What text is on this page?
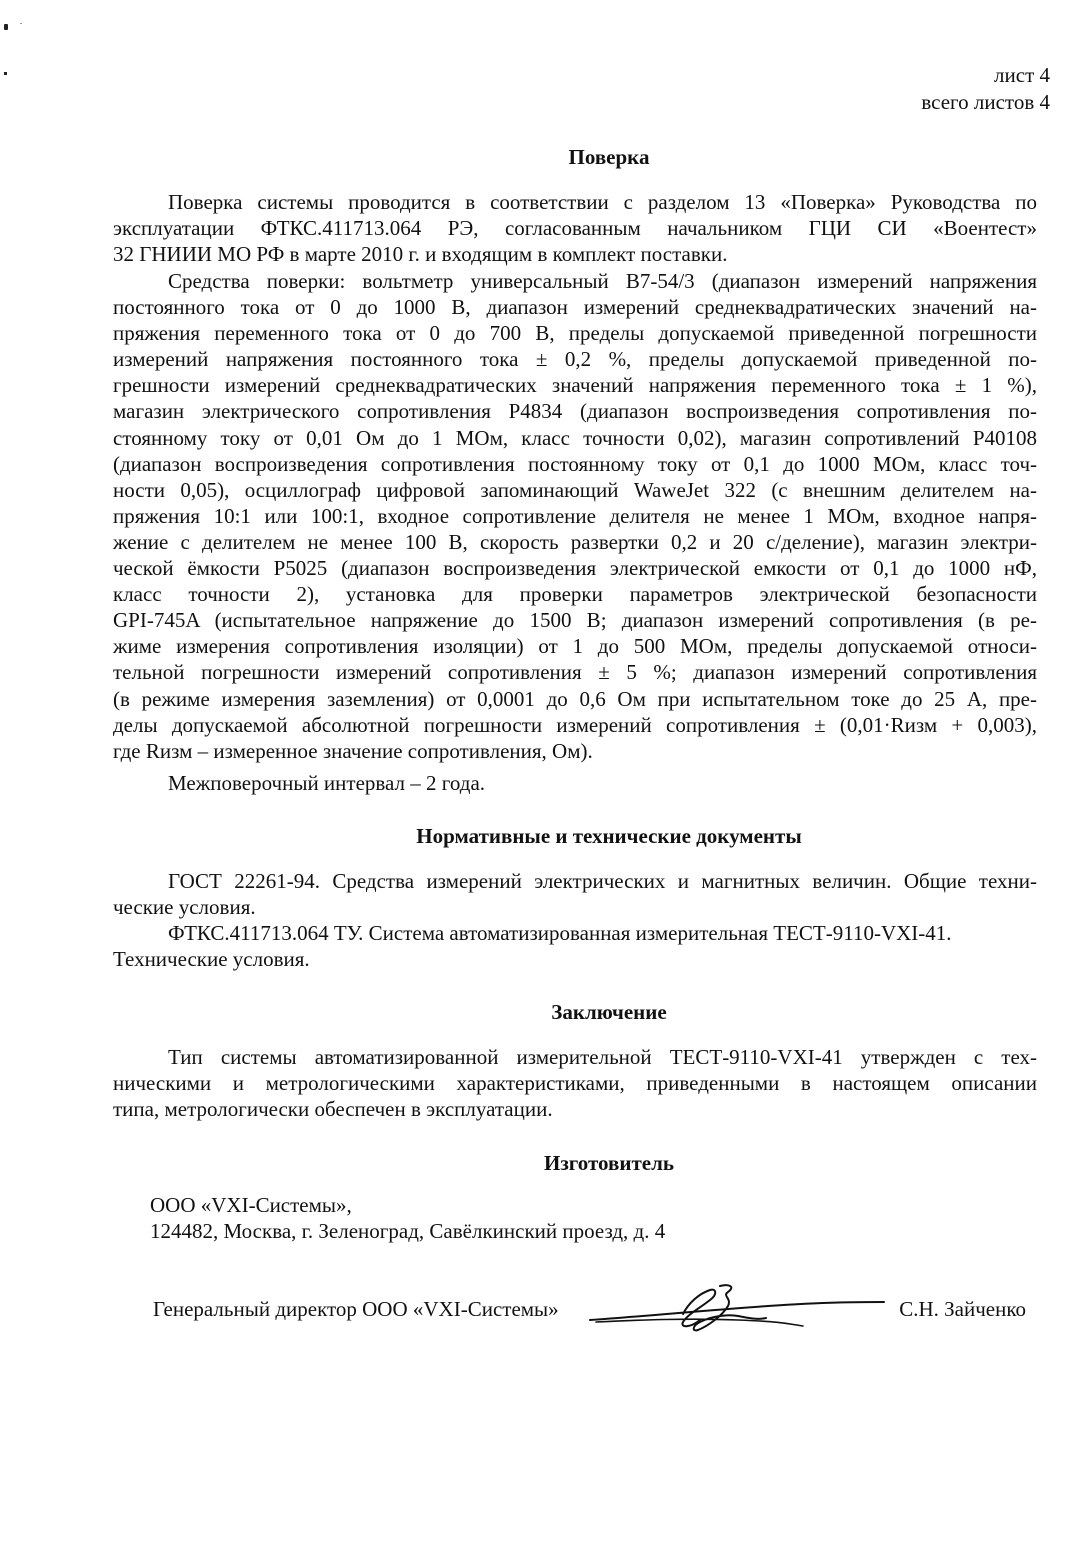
лист 4
всего листов 4
Поверка
Поверка системы проводится в соответствии с разделом 13 «Поверка» Руководства по
эксплуатации ФТКС.411713.064 РЭ, согласованным начальником ГЦИ СИ «Воентест»
32 ГНИИИ МО РФ в марте 2010 г. и входящим в комплект поставки.
Средства поверки: вольтметр универсальный В7-54/3 (диапазон измерений напряжения
постоянного тока от 0 до 1000 В, диапазон измерений среднеквадратических значений на-
пряжения переменного тока от 0 до 700 В, пределы допускаемой приведенной погрешности
измерений напряжения постоянного тока ± 0,2 %, пределы допускаемой приведенной по-
грешности измерений среднеквадратических значений напряжения переменного тока ± 1 %),
магазин электрического сопротивления Р4834 (диапазон воспроизведения сопротивления по-
стоянному току от 0,01 Ом до 1 МОм, класс точности 0,02), магазин сопротивлений Р40108
(диапазон воспроизведения сопротивления постоянному току от 0,1 до 1000 МОм, класс точ-
ности 0,05), осциллограф цифровой запоминающий WaweJet 322 (с внешним делителем на-
пряжения 10:1 или 100:1, входное сопротивление делителя не менее 1 МОм, входное напря-
жение с делителем не менее 100 В, скорость развертки 0,2 и 20 с/деление), магазин электри-
ческой ёмкости Р5025 (диапазон воспроизведения электрической емкости от 0,1 до 1000 нФ,
класс точности 2), установка для проверки параметров электрической безопасности
GPI-745A (испытательное напряжение до 1500 В; диапазон измерений сопротивления (в ре-
жиме измерения сопротивления изоляции) от 1 до 500 МОм, пределы допускаемой относи-
тельной погрешности измерений сопротивления ± 5 %; диапазон измерений сопротивления
(в режиме измерения заземления) от 0,0001 до 0,6 Ом при испытательном токе до 25 А, пре-
делы допускаемой абсолютной погрешности измерений сопротивления ± (0,01·Rизм + 0,003),
где Rизм – измеренное значение сопротивления, Ом).
Межповерочный интервал – 2 года.
Нормативные и технические документы
ГОСТ 22261-94. Средства измерений электрических и магнитных величин. Общие техни-
ческие условия.
ФТКС.411713.064 ТУ. Система автоматизированная измерительная ТЕСТ-9110-VXI-41.
Технические условия.
Заключение
Тип системы автоматизированной измерительной ТЕСТ-9110-VXI-41 утвержден с тех-
ническими и метрологическими характеристиками, приведенными в настоящем описании
типа, метрологически обеспечен в эксплуатации.
Изготовитель
ООО «VXI-Системы»,
124482, Москва, г. Зеленоград, Савёлкинский проезд, д. 4
Генеральный директор ООО «VXI-Системы»	С.Н. Зайченко
